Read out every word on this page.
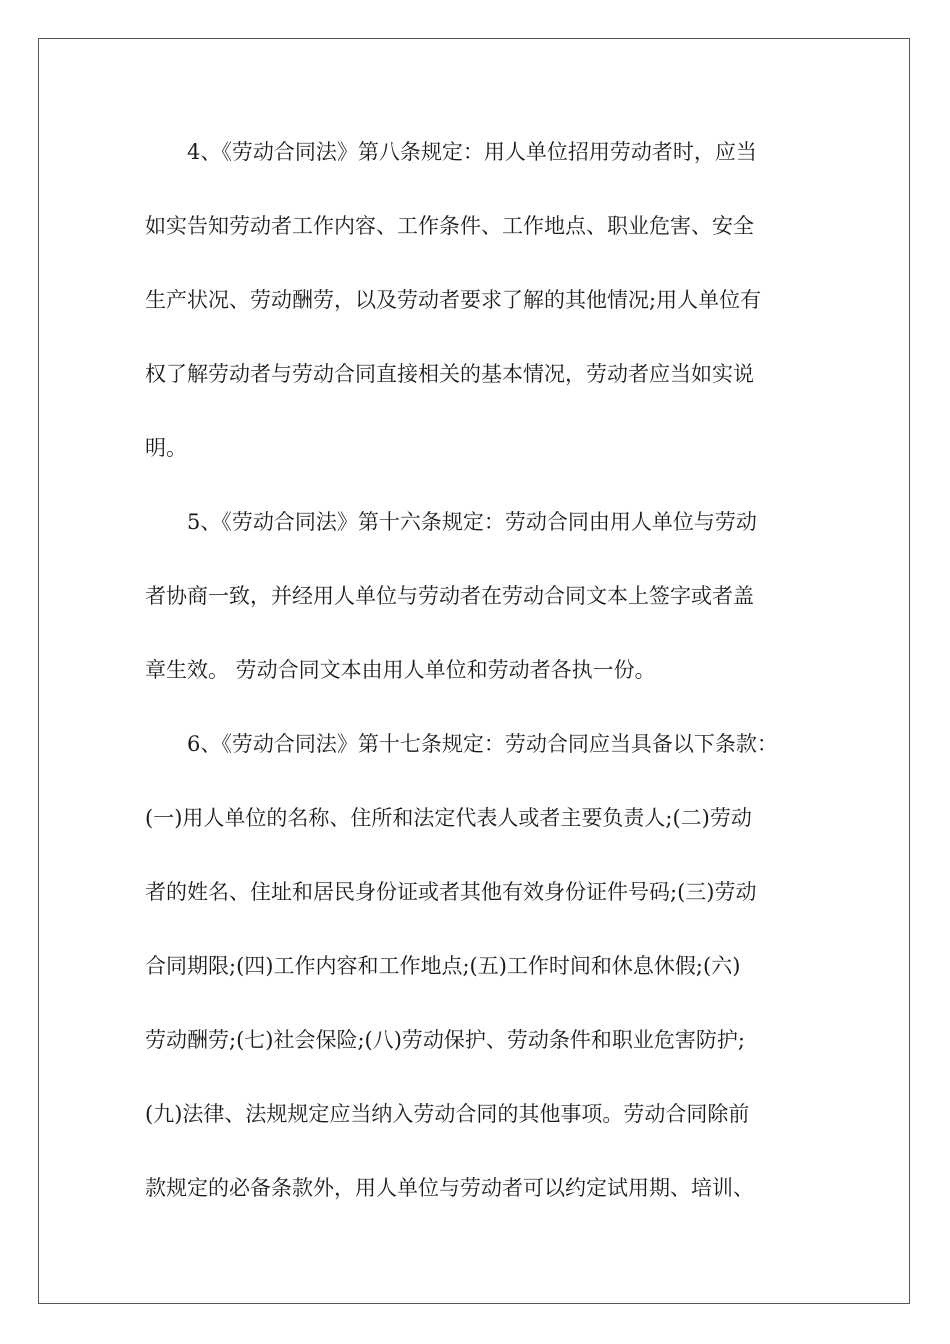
4、《劳动合同法》第八条规定：用人单位招用劳动者时，应当
如实告知劳动者工作内容、工作条件、工作地点、职业危害、安全
生产状况、劳动酬劳，以及劳动者要求了解的其他情况;用人单位有
权了解劳动者与劳动合同直接相关的基本情况，劳动者应当如实说
明。
5、《劳动合同法》第十六条规定：劳动合同由用人单位与劳动
者协商一致，并经用人单位与劳动者在劳动合同文本上签字或者盖
章生效。 劳动合同文本由用人单位和劳动者各执一份。
6、《劳动合同法》第十七条规定：劳动合同应当具备以下条款：
(一)用人单位的名称、住所和法定代表人或者主要负责人;(二)劳动
者的姓名、住址和居民身份证或者其他有效身份证件号码;(三)劳动
合同期限;(四)工作内容和工作地点;(五)工作时间和休息休假;(六)
劳动酬劳;(七)社会保险;(八)劳动保护、劳动条件和职业危害防护;
(九)法律、法规规定应当纳入劳动合同的其他事项。劳动合同除前
款规定的必备条款外，用人单位与劳动者可以约定试用期、培训、
